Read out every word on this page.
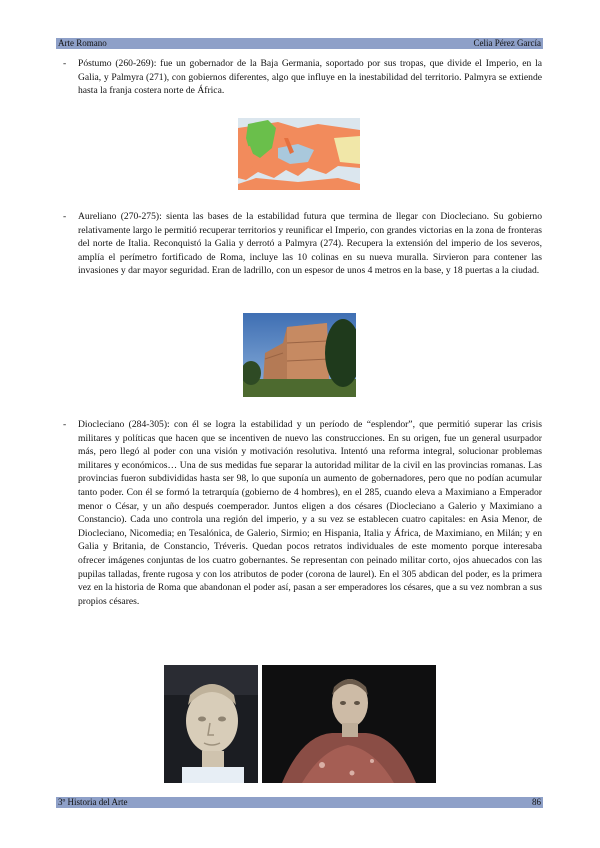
Arte Romano	Celia Pérez García
- Póstumo (260-269): fue un gobernador de la Baja Germania, soportado por sus tropas, que divide el Imperio, en la Galia, y Palmyra (271), con gobiernos diferentes, algo que influye en la inestabilidad del territorio. Palmyra se extiende hasta la franja costera norte de África.
- Aureliano (270-275): sienta las bases de la estabilidad futura que termina de llegar con Diocleciano. Su gobierno relativamente largo le permitió recuperar territorios y reunificar el Imperio, con grandes victorias en la zona de fronteras del norte de Italia. Reconquistó la Galia y derrotó a Palmyra (274). Recupera la extensión del imperio de los severos, amplía el perímetro fortificado de Roma, incluye las 10 colinas en su nueva muralla. Sirvieron para contener las invasiones y dar mayor seguridad. Eran de ladrillo, con un espesor de unos 4 metros en la base, y 18 puertas a la ciudad.
- Diocleciano (284-305): con él se logra la estabilidad y un período de “esplendor”, que permitió superar las crisis militares y políticas que hacen que se incentiven de nuevo las construcciones. En su origen, fue un general usurpador más, pero llegó al poder con una visión y motivación resolutiva. Intentó una reforma integral, solucionar problemas militares y económicos… Una de sus medidas fue separar la autoridad militar de la civil en las provincias romanas. Las provincias fueron subdivididas hasta ser 98, lo que suponía un aumento de gobernadores, pero que no podían acumular tanto poder. Con él se formó la tetrarquía (gobierno de 4 hombres), en el 285, cuando eleva a Maximiano a Emperador menor o César, y un año después coemperador. Juntos eligen a dos césares (Diocleciano a Galerio y Maximiano a Constancio). Cada uno controla una región del imperio, y a su vez se establecen cuatro capitales: en Asia Menor, de Diocleciano, Nicomedia; en Tesalónica, de Galerio, Sirmio; en Hispania, Italia y África, de Maximiano, en Milán; y en Galia y Britania, de Constancio, Tréveris. Quedan pocos retratos individuales de este momento porque interesaba ofrecer imágenes conjuntas de los cuatro gobernantes. Se representan con peinado militar corto, ojos ahuecados con las pupilas talladas, frente rugosa y con los atributos de poder (corona de laurel). En el 305 abdican del poder, es la primera vez en la historia de Roma que abandonan el poder así, pasan a ser emperadores los césares, que a su vez nombran a sus propios césares.
3º Historia del Arte	86
